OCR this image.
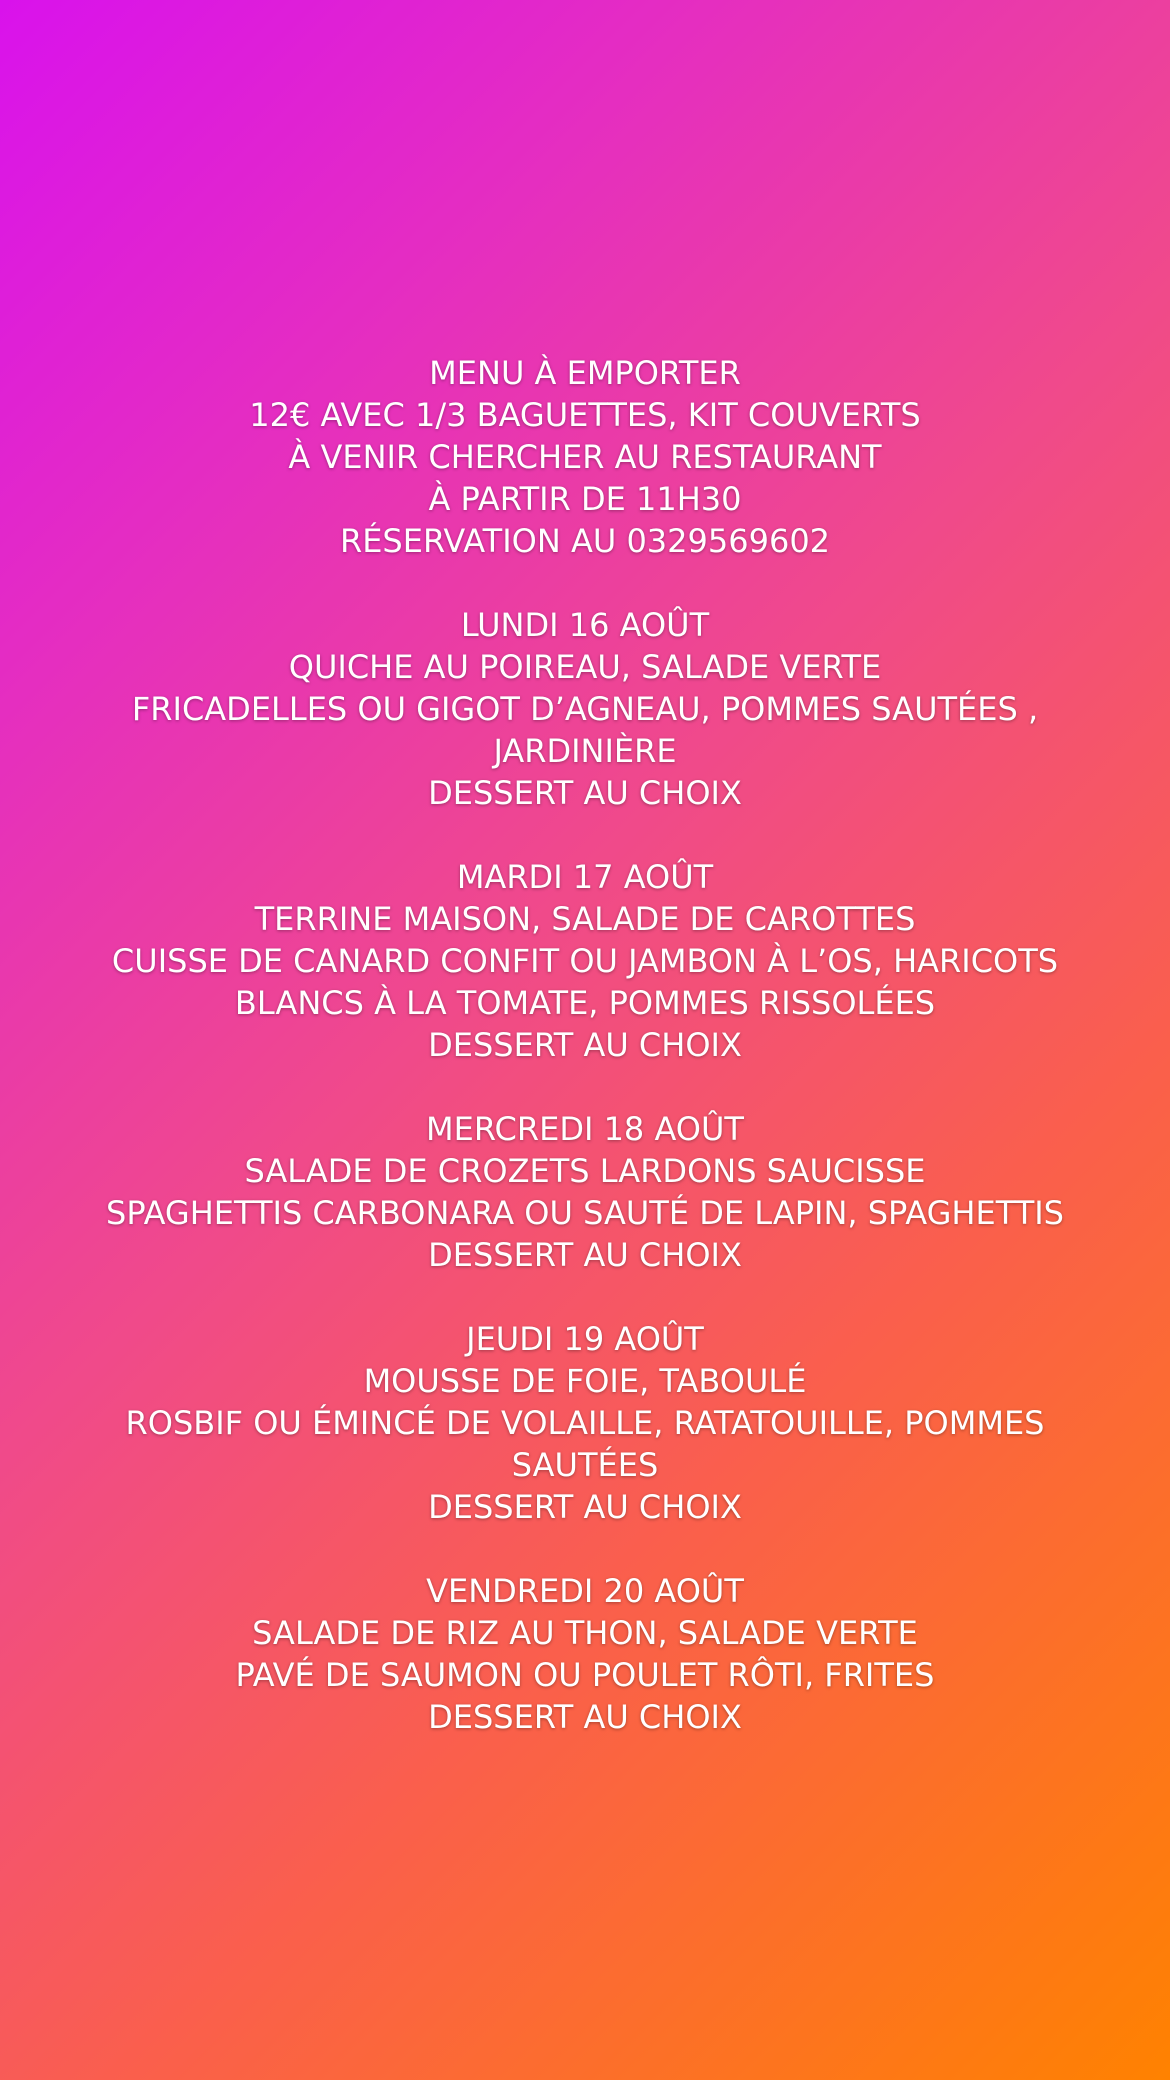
MENU À EMPORTER
12€ AVEC 1/3 BAGUETTES, KIT COUVERTS
À VENIR CHERCHER AU RESTAURANT
À PARTIR DE 11H30
RÉSERVATION AU 0329569602
LUNDI 16 AOÛT
QUICHE AU POIREAU, SALADE VERTE
FRICADELLES OU GIGOT D’AGNEAU, POMMES SAUTÉES ,
JARDINIÈRE
DESSERT AU CHOIX
MARDI 17 AOÛT
TERRINE MAISON, SALADE DE CAROTTES
CUISSE DE CANARD CONFIT OU JAMBON À L’OS, HARICOTS
BLANCS À LA TOMATE, POMMES RISSOLÉES
DESSERT AU CHOIX
MERCREDI 18 AOÛT
SALADE DE CROZETS LARDONS SAUCISSE
SPAGHETTIS CARBONARA OU SAUTÉ DE LAPIN, SPAGHETTIS
DESSERT AU CHOIX
JEUDI 19 AOÛT
MOUSSE DE FOIE, TABOULÉ
ROSBIF OU ÉMINCÉ DE VOLAILLE, RATATOUILLE, POMMES
SAUTÉES
DESSERT AU CHOIX
VENDREDI 20 AOÛT
SALADE DE RIZ AU THON, SALADE VERTE
PAVÉ DE SAUMON OU POULET RÔTI, FRITES
DESSERT AU CHOIX
